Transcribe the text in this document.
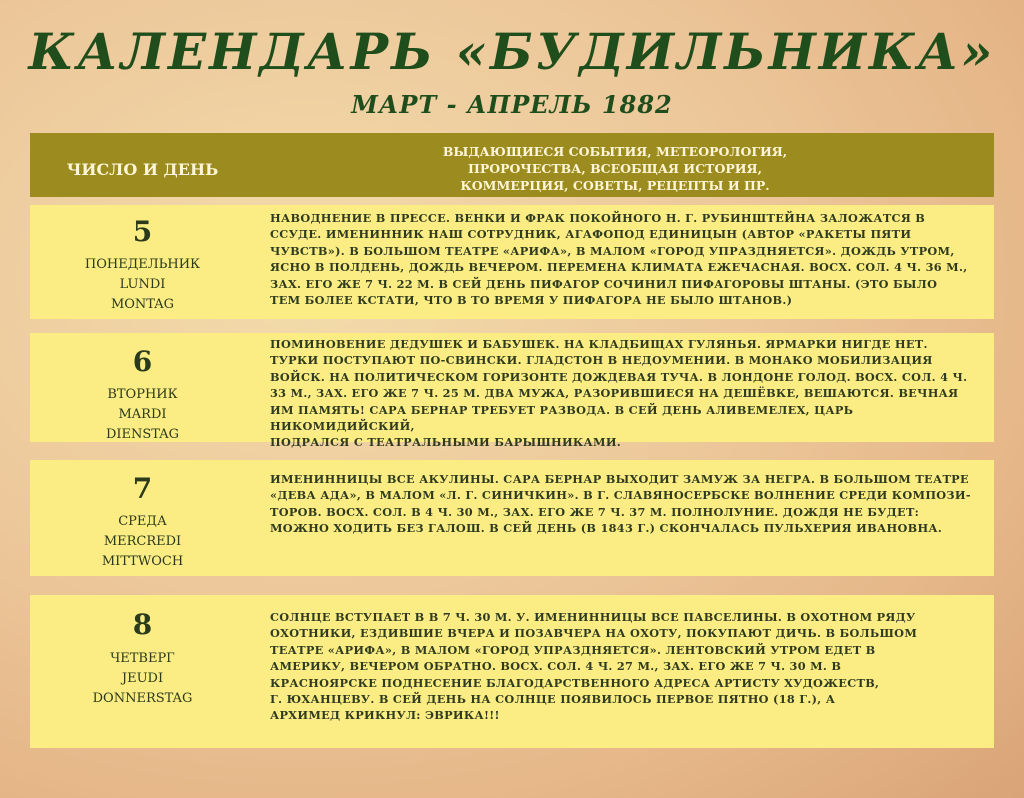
КАЛЕНДАРЬ «БУДИЛЬНИКА»
МАРТ - АПРЕЛЬ 1882
ЧИСЛО И ДЕНЬ
ВЫДАЮЩИЕСЯ СОБЫТИЯ, МЕТЕОРОЛОГИЯ,
ПРОРОЧЕСТВА, ВСЕОБЩАЯ ИСТОРИЯ,
КОММЕРЦИЯ, СОВЕТЫ, РЕЦЕПТЫ И ПР.
5
ПОНЕДЕЛЬНИК
LUNDI
MONTAG
НАВОДНЕНИЕ В ПРЕССЕ. ВЕНКИ И ФРАК ПОКОЙНОГО Н. Г. РУБИНШТЕЙНА ЗАЛОЖАТСЯ В
ССУДЕ. ИМЕНИННИК НАШ СОТРУДНИК, АГАФОПОД ЕДИНИЦЫН (АВТОР «РАКЕТЫ ПЯТИ
ЧУВСТВ»). В БОЛЬШОМ ТЕАТРЕ «АРИФА», В МАЛОМ «ГОРОД УПРАЗДНЯЕТСЯ». ДОЖДЬ УТРОМ,
ЯСНО В ПОЛДЕНЬ, ДОЖДЬ ВЕЧЕРОМ. ПЕРЕМЕНА КЛИМАТА ЕЖЕЧАСНАЯ. ВОСХ. СОЛ. 4 Ч. 36 М.,
ЗАХ. ЕГО ЖЕ 7 Ч. 22 М. В СЕЙ ДЕНЬ ПИФАГОР СОЧИНИЛ ПИФАГОРОВЫ ШТАНЫ. (ЭТО БЫЛО
ТЕМ БОЛЕЕ КСТАТИ, ЧТО В ТО ВРЕМЯ У ПИФАГОРА НЕ БЫЛО ШТАНОВ.)
6
ВТОРНИК
MARDI
DIENSTAG
ПОМИНОВЕНИЕ ДЕДУШЕК И БАБУШЕК. НА КЛАДБИЩАХ ГУЛЯНЬЯ. ЯРМАРКИ НИГДЕ НЕТ.
ТУРКИ ПОСТУПАЮТ ПО-СВИНСКИ. ГЛАДСТОН В НЕДОУМЕНИИ. В МОНАКО МОБИЛИЗАЦИЯ
ВОЙСК. НА ПОЛИТИЧЕСКОМ ГОРИЗОНТЕ ДОЖДЕВАЯ ТУЧА. В ЛОНДОНЕ ГОЛОД. ВОСХ. СОЛ. 4 Ч.
33 М., ЗАХ. ЕГО ЖЕ 7 Ч. 25 М. ДВА МУЖА, РАЗОРИВШИЕСЯ НА ДЕШЁВКЕ, ВЕШАЮТСЯ. ВЕЧНАЯ
ИМ ПАМЯТЬ! САРА БЕРНАР ТРЕБУЕТ РАЗВОДА. В СЕЙ ДЕНЬ АЛИВЕМЕЛЕХ, ЦАРЬ НИКОМИДИЙСКИЙ,
ПОДРАЛСЯ С ТЕАТРАЛЬНЫМИ БАРЫШНИКАМИ.
7
СРЕДА
MERCREDI
MITTWOCH
ИМЕНИННИЦЫ ВСЕ АКУЛИНЫ. САРА БЕРНАР ВЫХОДИТ ЗАМУЖ ЗА НЕГРА. В БОЛЬШОМ ТЕАТРЕ
«ДЕВА АДА», В МАЛОМ «Л. Г. СИНИЧКИН». В Г. СЛАВЯНОСЕРБСКЕ ВОЛНЕНИЕ СРЕДИ КОМПОЗИ-
ТОРОВ. ВОСХ. СОЛ. В 4 Ч. 30 М., ЗАХ. ЕГО ЖЕ 7 Ч. 37 М. ПОЛНОЛУНИЕ. ДОЖДЯ НЕ БУДЕТ:
МОЖНО ХОДИТЬ БЕЗ ГАЛОШ. В СЕЙ ДЕНЬ (В 1843 Г.) СКОНЧАЛАСЬ ПУЛЬХЕРИЯ ИВАНОВНА.
8
ЧЕТВЕРГ
JEUDI
DONNERSTAG
СОЛНЦЕ ВСТУПАЕТ В В 7 Ч. 30 М. У. ИМЕНИННИЦЫ ВСЕ ПАВСЕЛИНЫ. В ОХОТНОМ РЯДУ
ОХОТНИКИ, ЕЗДИВШИЕ ВЧЕРА И ПОЗАВЧЕРА НА ОХОТУ, ПОКУПАЮТ ДИЧЬ. В БОЛЬШОМ
ТЕАТРЕ «АРИФА», В МАЛОМ «ГОРОД УПРАЗДНЯЕТСЯ». ЛЕНТОВСКИЙ УТРОМ ЕДЕТ В
АМЕРИКУ, ВЕЧЕРОМ ОБРАТНО. ВОСХ. СОЛ. 4 Ч. 27 М., ЗАХ. ЕГО ЖЕ 7 Ч. 30 М. В
КРАСНОЯРСКЕ ПОДНЕСЕНИЕ БЛАГОДАРСТВЕННОГО АДРЕСА АРТИСТУ ХУДОЖЕСТВ,
Г. ЮХАНЦЕВУ. В СЕЙ ДЕНЬ НА СОЛНЦЕ ПОЯВИЛОСЬ ПЕРВОЕ ПЯТНО (18 Г.), А
АРХИМЕД КРИКНУЛ: ЭВРИКА!!!
